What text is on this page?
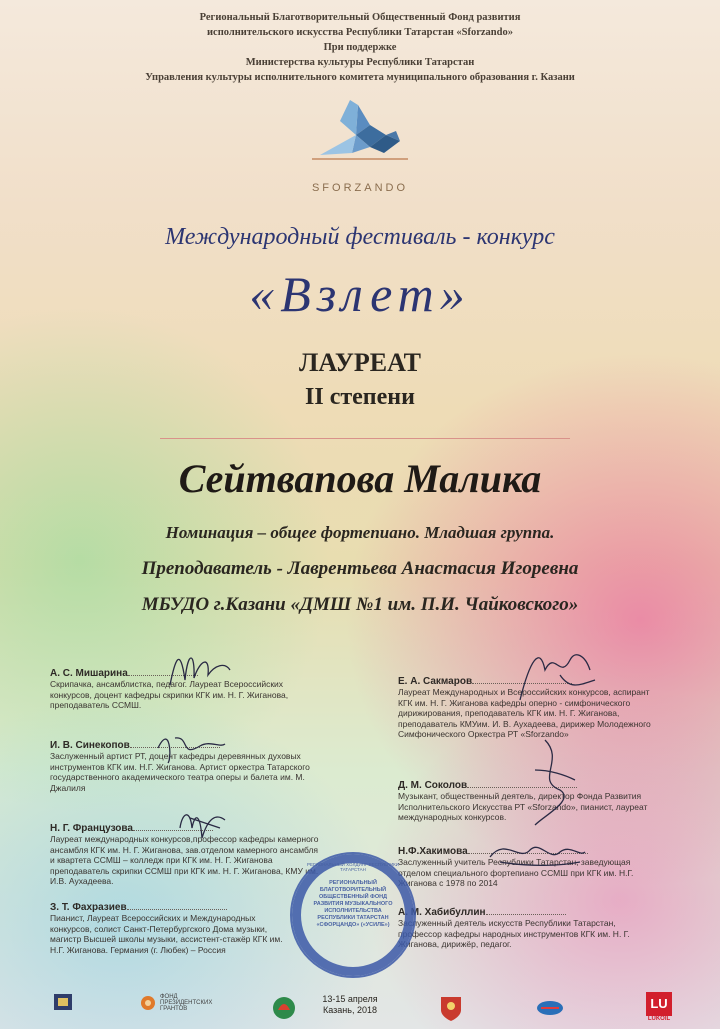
Региональный Благотворительный Общественный Фонд развития
исполнительского искусства Республики Татарстан «Sforzando»
При поддержке
Министерства культуры Республики Татарстан
Управления культуры исполнительного комитета муниципального образования г. Казани
SFORZANDO
Международный фестиваль - конкурс
«Взлет»
ЛАУРЕАТ
II степени
Сейтвапова Малика
Номинация – общее фортепиано. Младшая группа.
Преподаватель - Лаврентьева Анастасия Игоревна
МБУДО г.Казани «ДМШ №1 им. П.И. Чайковского»
А. С. Мишарина
Скрипачка, ансамблистка, педагог. Лауреат Всероссийских конкурсов, доцент кафедры скрипки КГК им. Н. Г. Жиганова, преподаватель ССМШ.
И. В. Синекопов
Заслуженный артист РТ, доцент кафедры деревянных духовых инструментов КГК им. Н.Г. Жиганова. Артист оркестра Татарского государственного академического театра оперы и балета им. М. Джалиля
Н. Г. Французова
Лауреат международных конкурсов,профессор кафедры камерного ансамбля КГК им. Н. Г. Жиганова, зав.отделом камерного ансамбля и квартета ССМШ – колледж при КГК им. Н. Г. Жиганова преподаватель скрипки ССМШ при КГК им. Н. Г. Жиганова, КМУ им. И.В. Аухадеева.
З. Т. Фахразиев
Пианист, Лауреат Всероссийских и Международных конкурсов, солист Санкт-Петербургского Дома музыки, магистр Высшей школы музыки, ассистент-стажёр КГК им. Н.Г. Жиганова. Германия (г. Любек) – Россия
Е. А. Сакмаров
Лауреат Международных и Всероссийских конкурсов, аспирант КГК им. Н. Г. Жиганова кафедры оперно - симфонического дирижирования, преподаватель КГК им. Н. Г. Жиганова, преподаватель КМУим. И. В. Аухадеева, дирижер Молодежного Симфонического Оркестра РТ «Sforzando»
Д. М. Соколов
Музыкант, общественный деятель, директор Фонда Развития Исполнительского Искусства РТ «Sforzando», пианист, лауреат международных конкурсов.
Н.Ф.Хакимова
Заслуженный учитель Республики Татарстан, заведующая отделом специального фортепиано ССМШ при КГК им. Н.Г. Жиганова с 1978 по 2014
А. М. Хабибуллин
Заслуженный деятель искусств Республики Татарстан, профессор кафедры народных инструментов КГК им. Н. Г. Жиганова, дирижёр, педагог.
РЕГИОНАЛЬНЫЙ ХОЛДИНГ РЕСПУБЛИКИ ТАТАРСТАН
РЕГИОНАЛЬНЫЙ БЛАГОТВОРИТЕЛЬНЫЙ ОБЩЕСТВЕННЫЙ ФОНД РАЗВИТИЯ МУЗЫКАЛЬНОГО ИСПОЛНИТЕЛЬСТВА РЕСПУБЛИКИ ТАТАРСТАН «СФОРЦАНДО» («УСИЛЕ»)
ФОНД ПРЕЗИДЕНТСКИХ ГРАНТОВ
13-15 апреля
Казань, 2018	LU
LUKOIL
